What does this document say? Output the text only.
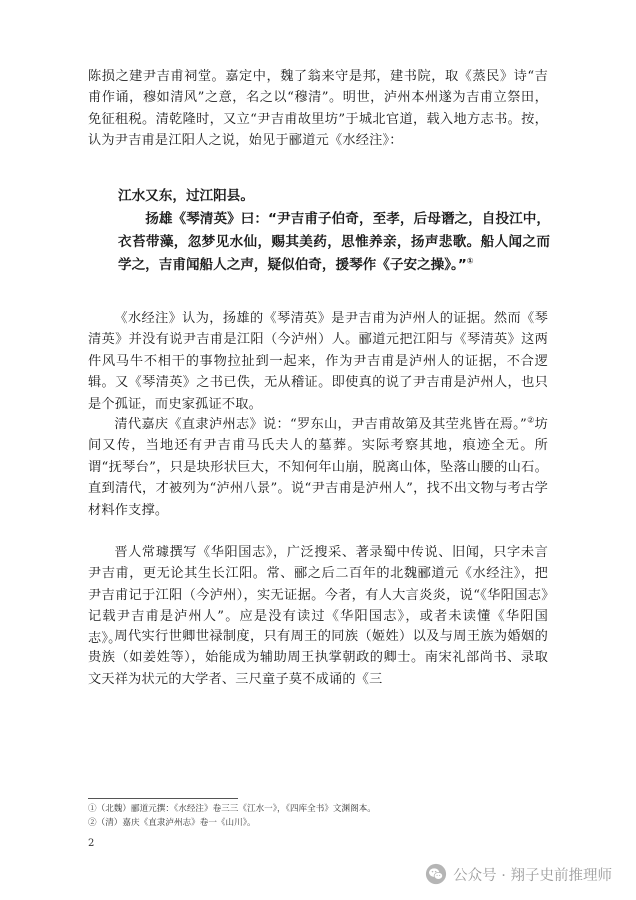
陈损之建尹吉甫祠堂。嘉定中，魏了翁来守是邦，建书院，取《蒸民》诗“吉甫作诵，穆如清风”之意，名之以“穆清”。明世，泸州本州遂为吉甫立祭田，免征租税。清乾隆时，又立“尹吉甫故里坊”于城北官道，载入地方志书。按，认为尹吉甫是江阳人之说，始见于郦道元《水经注》：
江水又东，过江阳县。
扬雄《琴清英》曰：“尹吉甫子伯奇，至孝，后母谮之，自投江中，衣苔带藻，忽梦见水仙，赐其美药，思惟养亲，扬声悲歌。船人闻之而学之，吉甫闻船人之声，疑似伯奇，援琴作《子安之操》。”①
《水经注》认为，扬雄的《琴清英》是尹吉甫为泸州人的证据。然而《琴清英》并没有说尹吉甫是江阳（今泸州）人。郦道元把江阳与《琴清英》这两件风马牛不相干的事物拉扯到一起来，作为尹吉甫是泸州人的证据，不合逻辑。又《琴清英》之书已佚，无从稽证。即使真的说了尹吉甫是泸州人，也只是个孤证，而史家孤证不取。
清代嘉庆《直隶泸州志》说：“罗东山，尹吉甫故第及其茔兆皆在焉。”②坊间又传，当地还有尹吉甫马氏夫人的墓葬。实际考察其地，痕迹全无。所谓“抚琴台”，只是块形状巨大，不知何年山崩，脱离山体，坠落山腰的山石。直到清代，才被列为“泸州八景”。说“尹吉甫是泸州人”，找不出文物与考古学材料作支撑。
晋人常璩撰写《华阳国志》，广泛搜采、著录蜀中传说、旧闻，只字未言尹吉甫，更无论其生长江阳。常、郦之后二百年的北魏郦道元《水经注》，把尹吉甫记于江阳（今泸州），实无证据。今者，有人大言炎炎，说“《华阳国志》记载尹吉甫是泸州人”。应是没有读过《华阳国志》，或者未读懂《华阳国志》。
周代实行世卿世禄制度，只有周王的同族（姬姓）以及与周王族为婚姻的贵族（如姜姓等），始能成为辅助周王执掌朝政的卿士。南宋礼部尚书、录取文天祥为状元的大学者、三尺童子莫不成诵的《三
①（北魏）郦道元撰：《水经注》卷三三《江水一》，《四库全书》文渊阁本。
②（清）嘉庆《直隶泸州志》卷一《山川》。
2
公众号 · 翔子史前推理师
